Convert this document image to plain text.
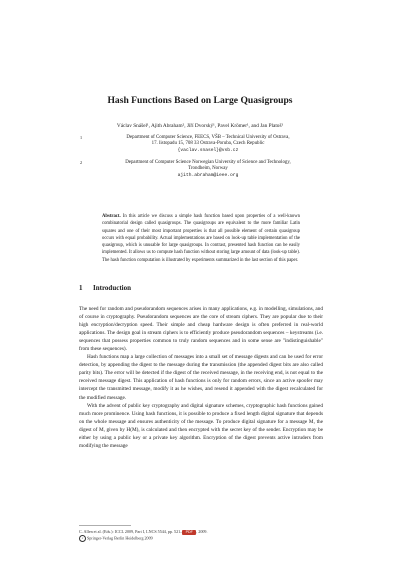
Hash Functions Based on Large Quasigroups
Václav Snášel¹, Ajith Abraham², Jiří Dvorský¹, Pavel Krömer¹, and Jan Platoš¹
1	Department of Computer Science, FEECS, VŠB – Technical University of Ostrava,
17. listopadu 15, 708 33 Ostrava-Poruba, Czech Republic
{vaclav.snasel}@vsb.cz
2	Department of Computer Science Norwegian University of Science and Technology,
Trondheim, Norway
ajith.abraham@ieee.org
Abstract. In this article we discuss a simple hash function based upon properties of a well-known combinatorial design called quasigroups. The quasigroups are equivalent to the more familiar Latin squares and one of their most important properties is that all possible element of certain quasigroup occurs with equal probability. Actual implementations are based on look-up table implementation of the quasigroup, which is unusable for large quasigroups. In contrast, presented hash function can be easily implemented. It allows us to compute hash function without storing large amount of data (look-up table). The hash function computation is illustrated by experiments summarized in the last section of this paper.
1 Introduction

The need for random and pseudorandom sequences arises in many applications, e.g. in modelling, simulations, and of course in cryptography. Pseudorandom sequences are the core of stream ciphers. They are popular due to their high encryption/decryption speed. Their simple and cheap hardware design is often preferred in real-world applications. The design goal in stream ciphers is to efficiently produce pseudorandom sequences – keystreams (i.e. sequences that possess properties common to truly random sequences and in some sense are "indistinguishable" from these sequences).

Hash functions map a large collection of messages into a small set of message digests and can be used for error detection, by appending the digest to the message during the transmission (the appended digest bits are also called parity bits). The error will be detected if the digest of the received message, in the receiving end, is not equal to the received message digest. This application of hash functions is only for random errors, since an active spoofer may intercept the transmitted message, modify it as he wishes, and resend it appended with the digest recalculated for the modified message.

With the advent of public key cryptography and digital signature schemes, cryptographic hash functions gained much more prominence. Using hash functions, it is possible to produce a fixed length digital signature that depends on the whole message and ensures authenticity of the message. To produce digital signature for a message M, the digest of M, given by H(M), is calculated and then encrypted with the secret key of the sender. Encryption may be either by using a public key or a private key algorithm. Encryption of the digest prevents active intruders from modifying the message

C. Allen et al. (Eds.): ICCL 2009, Part I, LNCS 5544, pp. 521– PDF , 2009.
c Springer-Verlag Berlin Heidelberg 2009
